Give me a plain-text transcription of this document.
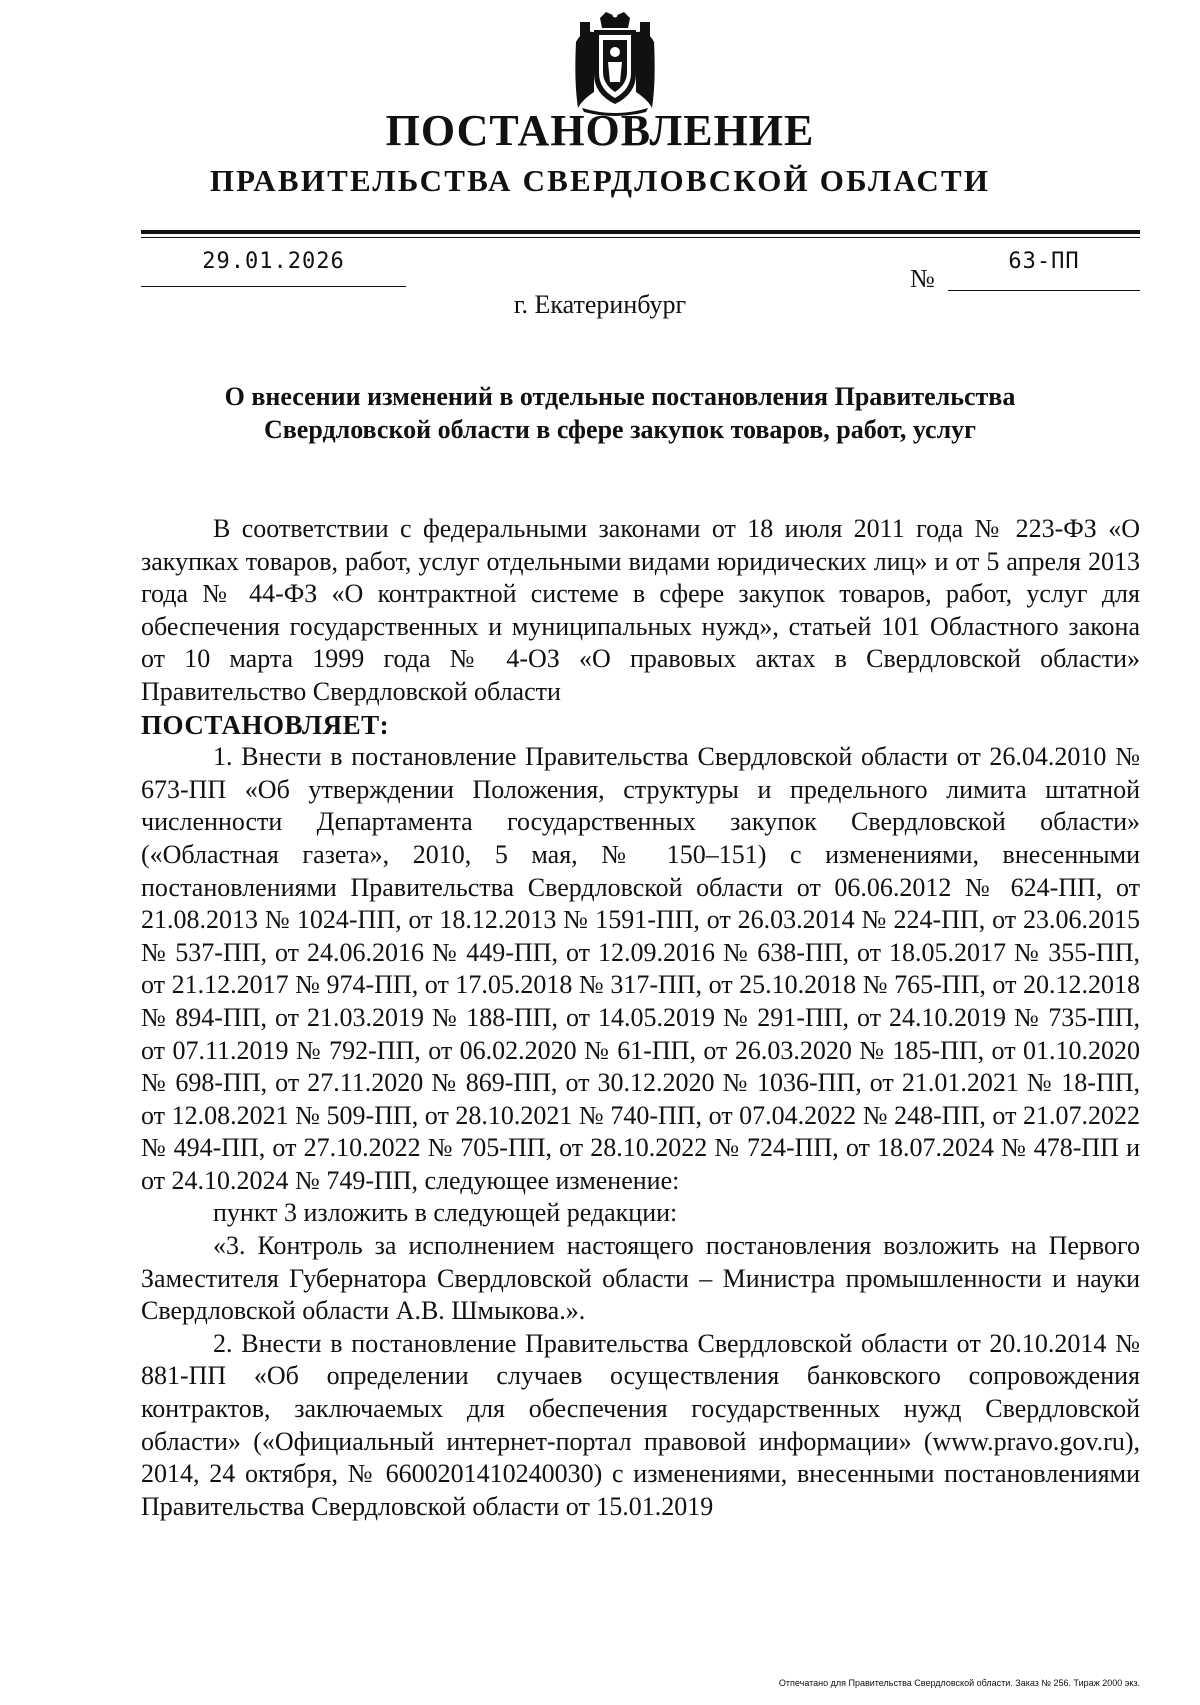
ПОСТАНОВЛЕНИЕ
ПРАВИТЕЛЬСТВА СВЕРДЛОВСКОЙ ОБЛАСТИ
29.01.2026
№
63-ПП
г. Екатеринбург
О внесении изменений в отдельные постановления Правительства Свердловской области в сфере закупок товаров, работ, услуг

В соответствии с федеральными законами от 18 июля 2011 года № 223-ФЗ «О закупках товаров, работ, услуг отдельными видами юридических лиц» и от 5 апреля 2013 года № 44-ФЗ «О контрактной системе в сфере закупок товаров, работ, услуг для обеспечения государственных и муниципальных нужд», статьей 101 Областного закона от 10 марта 1999 года № 4-ОЗ «О правовых актах в Свердловской области» Правительство Свердловской области

ПОСТАНОВЛЯЕТ:

1. Внести в постановление Правительства Свердловской области от 26.04.2010 № 673-ПП «Об утверждении Положения, структуры и предельного лимита штатной численности Департамента государственных закупок Свердловской области» («Областная газета», 2010, 5 мая, № 150–151) с изменениями, внесенными постановлениями Правительства Свердловской области от 06.06.2012 № 624-ПП, от 21.08.2013 № 1024-ПП, от 18.12.2013 № 1591-ПП, от 26.03.2014 № 224-ПП, от 23.06.2015 № 537-ПП, от 24.06.2016 № 449-ПП, от 12.09.2016 № 638-ПП, от 18.05.2017 № 355-ПП, от 21.12.2017 № 974-ПП, от 17.05.2018 № 317-ПП, от 25.10.2018 № 765-ПП, от 20.12.2018 № 894-ПП, от 21.03.2019 № 188-ПП, от 14.05.2019 № 291-ПП, от 24.10.2019 № 735-ПП, от 07.11.2019 № 792-ПП, от 06.02.2020 № 61-ПП, от 26.03.2020 № 185-ПП, от 01.10.2020 № 698-ПП, от 27.11.2020 № 869-ПП, от 30.12.2020 № 1036-ПП, от 21.01.2021 № 18-ПП, от 12.08.2021 № 509-ПП, от 28.10.2021 № 740-ПП, от 07.04.2022 № 248-ПП, от 21.07.2022 № 494-ПП, от 27.10.2022 № 705-ПП, от 28.10.2022 № 724-ПП, от 18.07.2024 № 478-ПП и от 24.10.2024 № 749-ПП, следующее изменение:

пункт 3 изложить в следующей редакции:

«3. Контроль за исполнением настоящего постановления возложить на Первого Заместителя Губернатора Свердловской области – Министра промышленности и науки Свердловской области А.В. Шмыкова.».

2. Внести в постановление Правительства Свердловской области от 20.10.2014 № 881-ПП «Об определении случаев осуществления банковского сопровождения контрактов, заключаемых для обеспечения государственных нужд Свердловской области» («Официальный интернет-портал правовой информации» (www.pravo.gov.ru), 2014, 24 октября, № 6600201410240030) с изменениями, внесенными постановлениями Правительства Свердловской области от 15.01.2019

Отпечатано для Правительства Свердловской области. Заказ № 256. Тираж 2000 экз.
